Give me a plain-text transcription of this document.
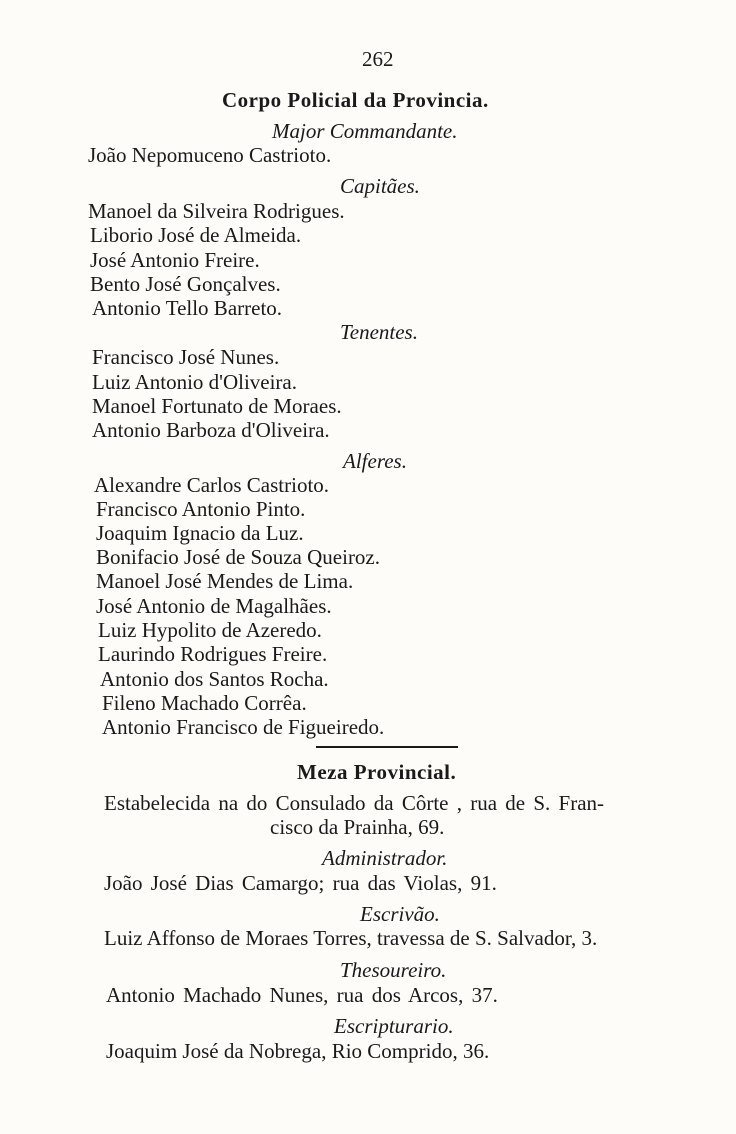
262
Corpo Policial da Provincia.
Major Commandante.
João Nepomuceno Castrioto.
Capitães.
Manoel da Silveira Rodrigues.
Liborio José de Almeida.
José Antonio Freire.
Bento José Gonçalves.
Antonio Tello Barreto.
Tenentes.
Francisco José Nunes.
Luiz Antonio d'Oliveira.
Manoel Fortunato de Moraes.
Antonio Barboza d'Oliveira.
Alferes.
Alexandre Carlos Castrioto.
Francisco Antonio Pinto.
Joaquim Ignacio da Luz.
Bonifacio José de Souza Queiroz.
Manoel José Mendes de Lima.
José Antonio de Magalhães.
Luiz Hypolito de Azeredo.
Laurindo Rodrigues Freire.
Antonio dos Santos Rocha.
Fileno Machado Corrêa.
Antonio Francisco de Figueiredo.
Meza Provincial.
Estabelecida na do Consulado da Côrte , rua de S. Fran-
cisco da Prainha, 69.
Administrador.
João José Dias Camargo; rua das Violas, 91.
Escrivão.
Luiz Affonso de Moraes Torres, travessa de S. Salvador, 3.
Thesoureiro.
Antonio Machado Nunes, rua dos Arcos, 37.
Escripturario.
Joaquim José da Nobrega, Rio Comprido, 36.
